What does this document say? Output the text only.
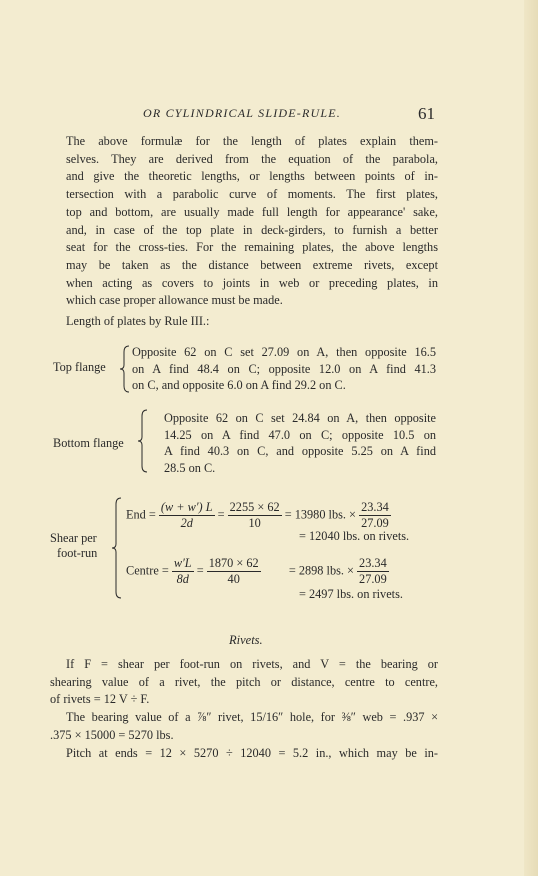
OR CYLINDRICAL SLIDE-RULE.	61
The above formulæ for the length of plates explain them-
selves. They are derived from the equation of the parabola,
and give the theoretic lengths, or lengths between points of in-
tersection with a parabolic curve of moments. The first plates,
top and bottom, are usually made full length for appearance' sake,
and, in case of the top plate in deck-girders, to furnish a better
seat for the cross-ties. For the remaining plates, the above lengths
may be taken as the distance between extreme rivets, except
when acting as covers to joints in web or preceding plates, in
which case proper allowance must be made.
Length of plates by Rule III.:
Top flange
Opposite 62 on C set 27.09 on A, then opposite 16.5
on A find 48.4 on C; opposite 12.0 on A find 41.3
on C, and opposite 6.0 on A find 29.2 on C.
Bottom flange
Opposite 62 on C set 24.84 on A, then opposite
14.25 on A find 47.0 on C; opposite 10.5 on
A find 40.3 on C, and opposite 5.25 on A find
28.5 on C.
Shear per
foot-run
End = $\frac{(w + w') L}{2d} = \frac{2255 \times 62}{10} = 13980$ lbs. × $\frac{23.34}{27.09}$
= 12040 lbs. on rivets.
Centre = $\frac{w'L}{8d} = \frac{1870 \times 62}{40} = 2898$ lbs. × $\frac{23.34}{27.09}$
= 2497 lbs. on rivets.
Rivets.
If F = shear per foot-run on rivets, and V = the bearing or
shearing value of a rivet, the pitch or distance, centre to centre,
of rivets = 12 V ÷ F.
The bearing value of a ⅞″ rivet, 15/16″ hole, for ⅜″ web = .937 ×
.375 × 15000 = 5270 lbs.
Pitch at ends = 12 × 5270 ÷ 12040 = 5.2 in., which may be in-
